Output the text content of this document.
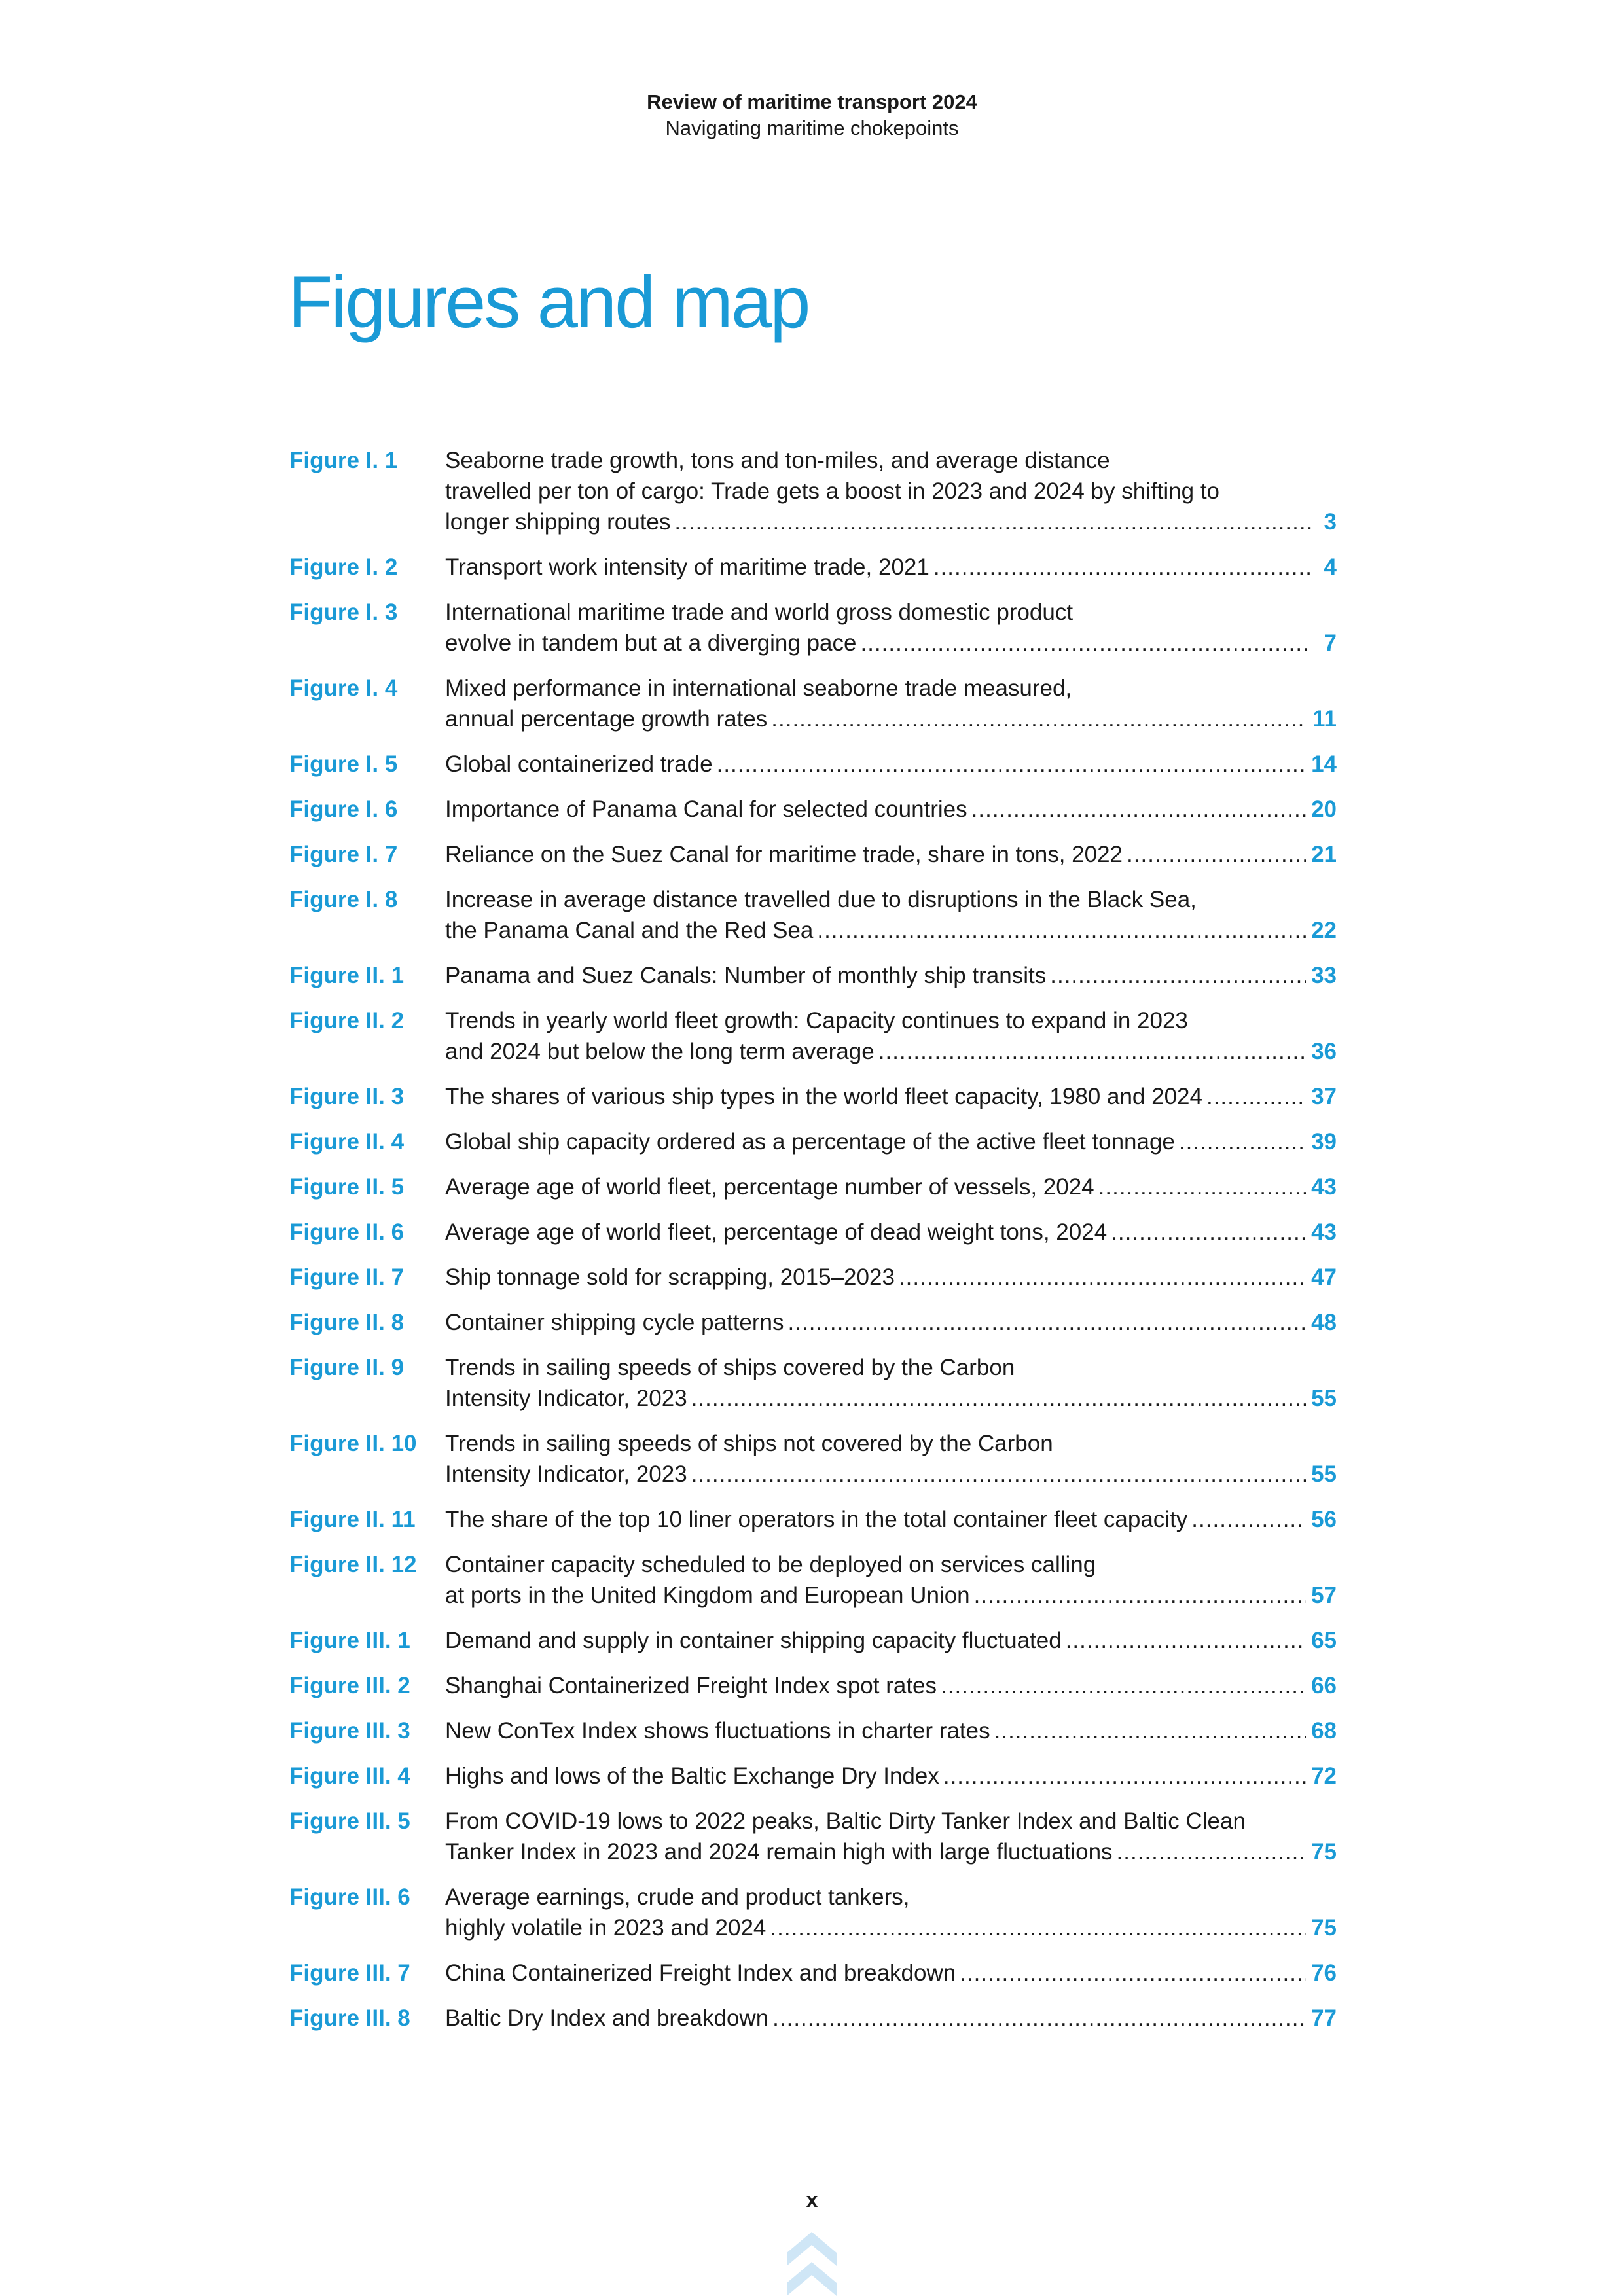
Review of maritime transport 2024
Navigating maritime chokepoints
Figures and map
Figure I. 1	Seaborne trade growth, tons and ton-miles, and average distance
travelled per ton of cargo: Trade gets a boost in 2023 and 2024 by shifting to
longer shipping routes .....	3
Figure I. 2	Transport work intensity of maritime trade, 2021 .....	4
Figure I. 3	International maritime trade and world gross domestic product
evolve in tandem but at a diverging pace .....	7
Figure I. 4	Mixed performance in international seaborne trade measured,
annual percentage growth rates .....	11
Figure I. 5	Global containerized trade .....	14
Figure I. 6	Importance of Panama Canal for selected countries .....	20
Figure I. 7	Reliance on the Suez Canal for maritime trade, share in tons, 2022 .....	21
Figure I. 8	Increase in average distance travelled due to disruptions in the Black Sea,
the Panama Canal and the Red Sea .....	22
Figure II. 1	Panama and Suez Canals: Number of monthly ship transits .....	33
Figure II. 2	Trends in yearly world fleet growth: Capacity continues to expand in 2023
and 2024 but below the long term average .....	36
Figure II. 3	The shares of various ship types in the world fleet capacity, 1980 and 2024 .....	37
Figure II. 4	Global ship capacity ordered as a percentage of the active fleet tonnage .....	39
Figure II. 5	Average age of world fleet, percentage number of vessels, 2024 .....	43
Figure II. 6	Average age of world fleet, percentage of dead weight tons, 2024 .....	43
Figure II. 7	Ship tonnage sold for scrapping, 2015–2023 .....	47
Figure II. 8	Container shipping cycle patterns .....	48
Figure II. 9	Trends in sailing speeds of ships covered by the Carbon
Intensity Indicator, 2023 .....	55
Figure II. 10	Trends in sailing speeds of ships not covered by the Carbon
Intensity Indicator, 2023 .....	55
Figure II. 11	The share of the top 10 liner operators in the total container fleet capacity .....	56
Figure II. 12	Container capacity scheduled to be deployed on services calling
at ports in the United Kingdom and European Union .....	57
Figure III. 1	Demand and supply in container shipping capacity fluctuated .....	65
Figure III. 2	Shanghai Containerized Freight Index spot rates .....	66
Figure III. 3	New ConTex Index shows fluctuations in charter rates .....	68
Figure III. 4	Highs and lows of the Baltic Exchange Dry Index .....	72
Figure III. 5	From COVID-19 lows to 2022 peaks, Baltic Dirty Tanker Index and Baltic Clean
Tanker Index in 2023 and 2024 remain high with large fluctuations .....	75
Figure III. 6	Average earnings, crude and product tankers,
highly volatile in 2023 and 2024 .....	75
Figure III. 7	China Containerized Freight Index and breakdown .....	76
Figure III. 8	Baltic Dry Index and breakdown .....	77
x
